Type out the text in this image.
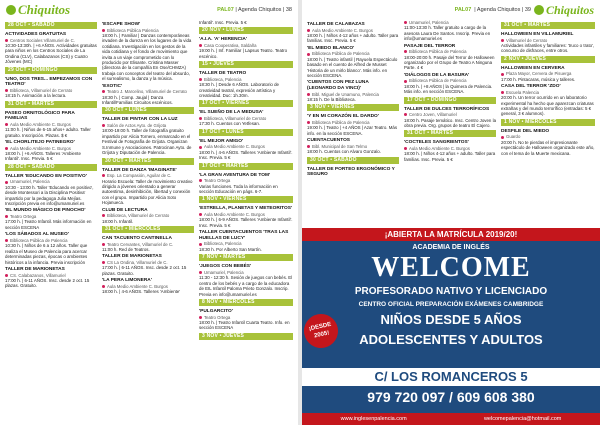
Chiquitos	PAL07 | Agenda Chiquitos | 38
28 OCT • SÁBADO
ACTIVIDADES GRATUITAS
Centros Sociales Villamuriel de C.
10:30-13:30h. | +6 AÑOS. Actividades gratuitas para niños en los Centros Sociales de La Ondina (CLV), Calabazanos (CS) y Cuatro Jóvenes (MC)
29 OCT • DOMINGO
'UNO, DOS TRES... EMPEZAMOS CON TEATRO'
Biblioteca, Villamuriel de Cerrato
18:15 h. Animación a la lectura.
31 OCT • MARTES
PASEO ORNITOLÓGICO PARA FAMILIAS
Aula Medio Ambiente C. Burgos
11:00 h. | Niños de 6-15 años+ adulto. Taller gratuito. Inscripción. Plazas. $ €
'EL CHORLITEJO PATINEGRO'
Aula Medio Ambiente C. Burgos
18:00 h. | +6 AÑOS. Talleres 'Ambiente Infantil'. Insc. Previa. 5 €
28 OCT • SÁBADO
TALLER 'EDUCANDO EN POSITIVO'
Umamuriel, Palencia
10:30 - 13:00 h. Taller 'Educando en positivo', desde Montessori a la Disciplina Positiva' impartido por la pedagoga Julia Mejías. Inscripción previa en info@umamuriel.es
'EL MUNDO MÁGICO DE PINOCHO'
Teatro Ortega
17:00 h. | Teatro Infantil. Más información en sección ESCENA
'LOS SÁBADOS AL MUSEO'
Biblioteca Pública de Palencia
10:30 h. | Niños de 6 a 12 años. Taller que realiza el Museo de Palencia para acercar determinadas piezas, épocas o ambientes históricos a la infancia. Previa inscripción
TALLER DE MARIONETAS
CS. Calabazanos, Villamuriel
17:00 h. | 6-11 AÑOS. Insc. desde 2 oct. 15 plazas. Gratuito.
'ESCAPE SHOW'
Biblioteca Pública Palencia
18:00 h. | Familiar | Danzas contemporáneas invaden de la dureza en los lugares de la vida cotidiana. Investigación en los gestos de la vida cotidiana y el fondo de movimiento que invita a un viaje comprometido con lo producido por Elisante. Cristina Masser (directora de la compañía En Ose/CHMZA) trabaja con conceptos del teatro del absurdo, el surrealismo, la danza y la música.
'EXOTIC'
Teatro J. Marcelino, Villamuriel de Cerrato
18:30 h. | Comp. Jaujal | Danza Infantil/Familias Circuitos escénicos.
30 OCT • LUNES
TALLER DE PINTAR CON LA LUZ
Salón de Actos Ayto. de Grijota
18:00-19:00 h. Taller de fotografía gratuito impartido por Alicia Tornero, enmarcado en el Festival de Fotografía de Grijota. Organizan S.Inmune y Asociaciones. Patrocinan Ayto. de Grijota y Diputación de Palencia.
30 OCT • MARTES
TALLER DE DANZA 'IMAGINATE'
Esp. La Compasión, Aguilar de C.
Horario Escuela: Taller de movimiento creativo dirigido a jóvenes orientado a generar autoestima, desinhibición, libertad y conexión con el grupo. Impartido por Alicia Soto Hojanueca.
CLUB DE LECTURA
Biblioteca, Villamuriel de Cerrato
18:00 h. Infantil.
31 OCT • MIÉRCOLES
CAN TACUENTO CANTINELLA
Teatro Cervantes, Villamuriel de C.
11:00 h. Red de Teatros.
TALLER DE MARIONETAS
CS La Ondina, Villamuriel de C.
17:00 h. | 6-11 AÑOS. Insc. desde 2 oct. 15 plazas. Gratuito.
'LA PERA LIMONERA'
Aula Medio Ambiente C. Burgos
18:00 h. | 4-6 AÑOS. Talleres 'Ambiente'
Infantil'. Insc. Previa. 5 €
20 NOV • LUNES
'A.I.A. 'A' HERENCIA'
Casa Cooperativa, Saldaña
19:00 h. | Inf. Familiar | Lapsus Teatro. Teatro escénico.
15 • JUEVES
TALLER DE TEATRO
Biblioteca, Palencia
18:30 h. | Desde 6 AÑOS. Laboratorio de creatividad teatral, expresión artística y creatividad. Duc: 1h.30m.
17 OCT • VIERNES
'EL SUEÑO DE LA MEDUSA'
Biblioteca, Villamuriel de Cerrato
17:30 h. Cuentos con Yetfesan.
17 OCT • LUNES
'EL MEJOR AMIGO'
Aula Medio Ambiente C. Burgos
18:00 h. | 4-6 AÑOS. Talleres 'Ambiente Infantil'. Insc. Previa. 5 €
17 OCT • MARTES
'LA GRAN AVENTURA DE TOM'
Teatro Ortega
Varias funciones. Toda la información en sección Educación en págs. 6-7.
1 NOV • VIERNES
'ESTRELLA, PLANETAS Y METEORITOS'
Aula Medio Ambiente C. Burgos
18:00 h. | 6-9 AÑOS. Talleres 'Ambiente Infantil'. Insc. Previa. 5 €
TALLER CUENTACUENTOS 'TRAS LAS HUELLAS DE LUCY'
Biblioteca, Palencia
18:30 h. Por Alberto San Martín.
7 NOV • MARTES
'JUEGOS CON BEBÉS'
Umamuriel, Palencia
11:30 - 12:30 h. Sesión de juegos con bebés. El centro de los bebés y a cargo de la educadora de EIL Infantil Paloma Prieto Gonzalo. Inscrip. Previa en info@umamuriel.es
8 NOV • MIÉRCOLES
'PULGARCITO'
Teatro Ortega
18:00 h. | Teatro Infantil Cuarta Teatro. Info. en sección ESCENA
3 NOV • JUEVES
PAL07 | Agenda Chiquitos | 39 Chiquitos
TALLER DE CALABAZAS
Aula Medio Ambiente C. Burgos
18:00 h. | Niños 4-12 años + adulto. Taller para familias. Insc. Previa. 5 €
'EL MIEDO BLANCO'
Biblioteca Pública de Palencia
18:00 h. | Teatro infantil | Rayuela Espectáculo basado en el cuento de Alfred de Musset 'Historia de un mirlo blanco'. Más info. en sección ESCENA.
'CUENTOS CON PEZ LUNA (LEONARDO DA VINCI)'
Bibl. Miguel de Unamuno, Palencia
18:15 h. De la Biblioteca.
3 NOV • VIERNES
'Y EN MI CORAZÓN EL DARDO'
Biblioteca Pública de Palencia
19:00 h. | Teatro | +4 AÑOS | Azar Teatro. Más info. en la sección ESCENA.
CUENTACUENTOS
Bibl. Municipal de San Telmo
18:00 h. Cuentos con Alvaro Gonzalo.
30 OCT • SÁBADO
TALLER DE PORTEO ERGONÓMICO Y SEGURO
Umamuriel, Palencia
11:00-13:30 h. Taller gratuito a cargo de la asesora Laura De Santos. Inscrip. Previa en info@umamuriel.es
PASAJE DEL TERROR
Biblioteca Pública de Palencia
18:00-20:00 h. Pasaje del Terror de Halloween organizado por el Grupo de Teatro A Ninguna Parte. 4 €
'DIÁLOGOS DE LA BASURA'
Biblioteca Pública de Palencia
18:00 h. | +8 AÑOS | la Quimera de Palencia. Más info. en sección ESCENA.
17 OCT • DOMINGO
TALLER DE DULCES TERRORÍFICOS
Centro Joven, Villamuriel
18:00 h. Pasaje temático. Insc. Centro Joven la obra previa. Org. grupos de teatro El Cajero.
31 OCT • MARTES
'COCTELES SANGRIENTOS'
Aula Medio Ambiente C. Burgos
18:00 h. | Niños 4-12 años + adulto. Taller para familias. Insc. Previa. 5 €
31 OCT • MARTES
HALLOWEEN EN VILLAMURIEL
Villamuriel de Cerrato
Actividades infantiles y familiares: 'truco o trato', concurso de disfraces, entre otros.
2 NOV • JUEVES
HALLOWEEN EN CERVERA
Plaza Mayor, Cervera de Pisuerga
17:00 h. Pintacaras, música y talleres.
CASA DEL TERROR 'ZDO'
Escuela Palencia
20:00 h. Un terror ocurrido en un laboratorio experimental ha hecho que aparezcan criaturas extrañas y del mundo terrorífico (entradas: 5 € general, 3 € alumnos).
1 NOV • MIÉRCOLES
DESFILE DEL MIEDO
Guardo
20:00 h. No te pierdas el impresionante espectáculo de Halloween organizado este año, con el tema de la Muerte mexicana.
¡ABIERTA LA MATRÍCULA 2019/20!
ACADEMIA DE INGLÉS
WELCOME
PROFESORADO NATIVO Y LICENCIADO
CENTRO OFICIAL PREPARACIÓN EXÁMENES CAMBRIDGE
NIÑOS DESDE 5 AÑOS
ADOLESCENTES Y ADULTOS
¡DESDE 2005!
C/ LOS ROMANCEROS 5
979 720 097 / 609 608 380
www.inglesenpalencia.com	welcomepalencia@hotmail.com
